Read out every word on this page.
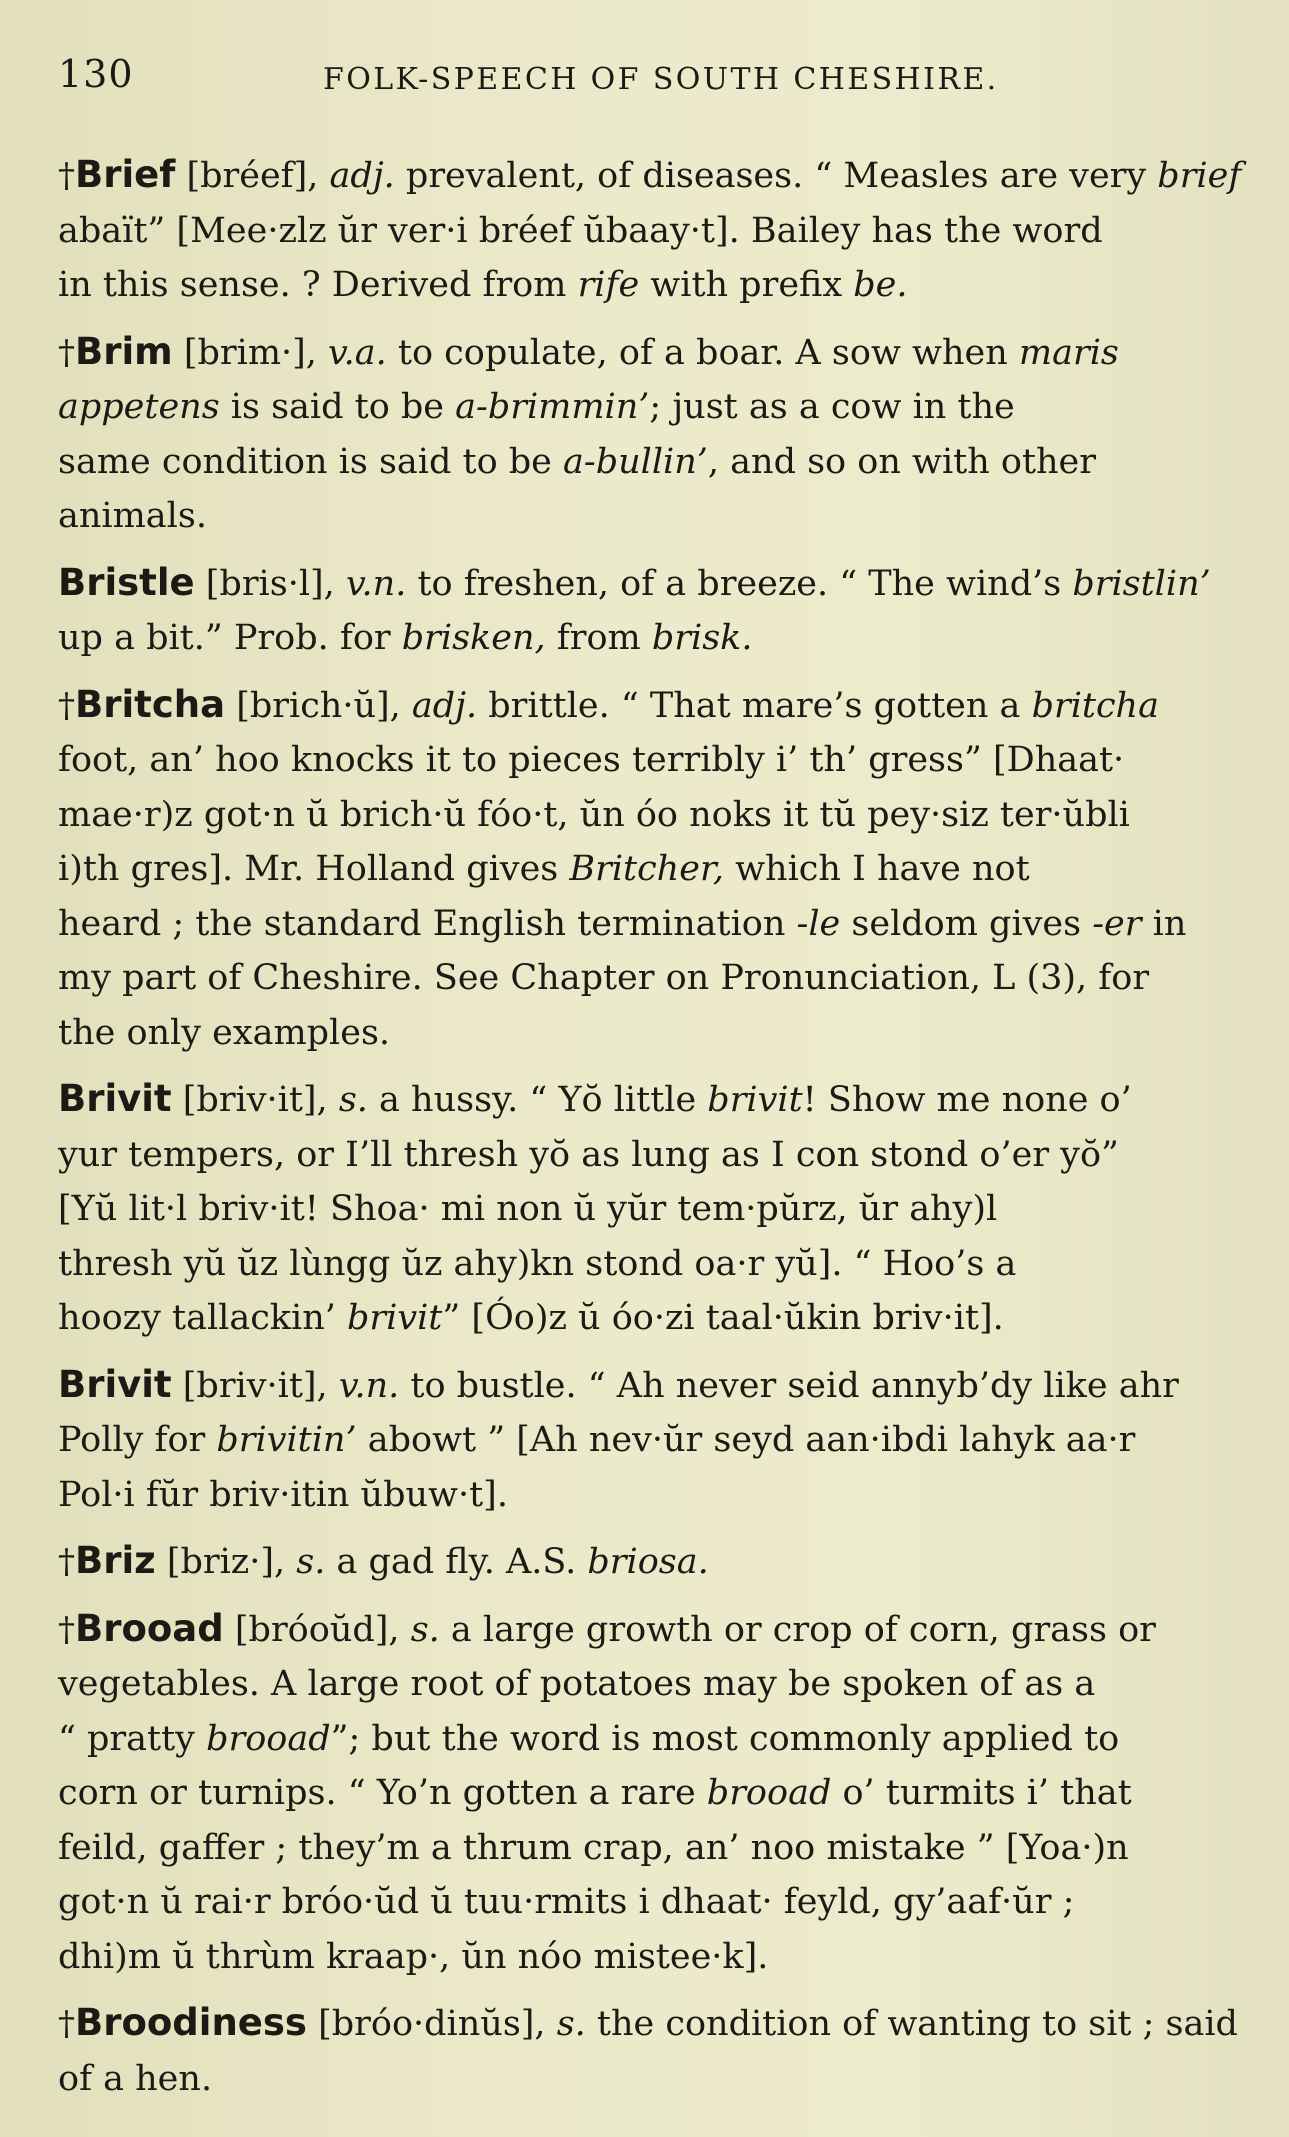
130	FOLK-SPEECH OF SOUTH CHESHIRE.
†Brief [bréef], adj. prevalent, of diseases. “ Measles are very brief
abaït” [Mee·zlz ŭr ver·i bréef ŭbaay·t]. Bailey has the word
in this sense. ? Derived from rife with prefix be.
†Brim [brim·], v.a. to copulate, of a boar. A sow when maris
appetens is said to be a-brimmin’; just as a cow in the
same condition is said to be a-bullin’, and so on with other
animals.
Bristle [bris·l], v.n. to freshen, of a breeze. “ The wind’s bristlin’
up a bit.” Prob. for brisken, from brisk.
†Britcha [brich·ŭ], adj. brittle. “ That mare’s gotten a britcha
foot, an’ hoo knocks it to pieces terribly i’ th’ gress” [Dhaat·
mae·r)z got·n ŭ brich·ŭ fóo·t, ŭn óo noks it tŭ pey·siz ter·ŭbli
i)th gres]. Mr. Holland gives Britcher, which I have not
heard ; the standard English termination -le seldom gives -er in
my part of Cheshire. See Chapter on Pronunciation, L (3), for
the only examples.
Brivit [briv·it], s. a hussy. “ Yŏ little brivit! Show me none o’
yur tempers, or I’ll thresh yŏ as lung as I con stond o’er yŏ”
[Yŭ lit·l briv·it! Shoa· mi non ŭ yŭr tem·pŭrz, ŭr ahy)l
thresh yŭ ŭz lùngg ŭz ahy)kn stond oa·r yŭ]. “ Hoo’s a
hoozy tallackin’ brivit” [Óo)z ŭ óo·zi taal·ŭkin briv·it].
Brivit [briv·it], v.n. to bustle. “ Ah never seid annyb’dy like ahr
Polly for brivitin’ abowt ” [Ah nev·ŭr seyd aan·ibdi lahyk aa·r
Pol·i fŭr briv·itin ŭbuw·t].
†Briz [briz·], s. a gad fly. A.S. briosa.
†Brooad [bróoŭd], s. a large growth or crop of corn, grass or
vegetables. A large root of potatoes may be spoken of as a
“ pratty brooad”; but the word is most commonly applied to
corn or turnips. “ Yo’n gotten a rare brooad o’ turmits i’ that
feild, gaffer ; they’m a thrum crap, an’ noo mistake ” [Yoa·)n
got·n ŭ rai·r bróo·ŭd ŭ tuu·rmits i dhaat· feyld, gy’aaf·ŭr ;
dhi)m ŭ thrùm kraap·, ŭn nóo mistee·k].
†Broodiness [bróo·dinŭs], s. the condition of wanting to sit ; said
of a hen.
